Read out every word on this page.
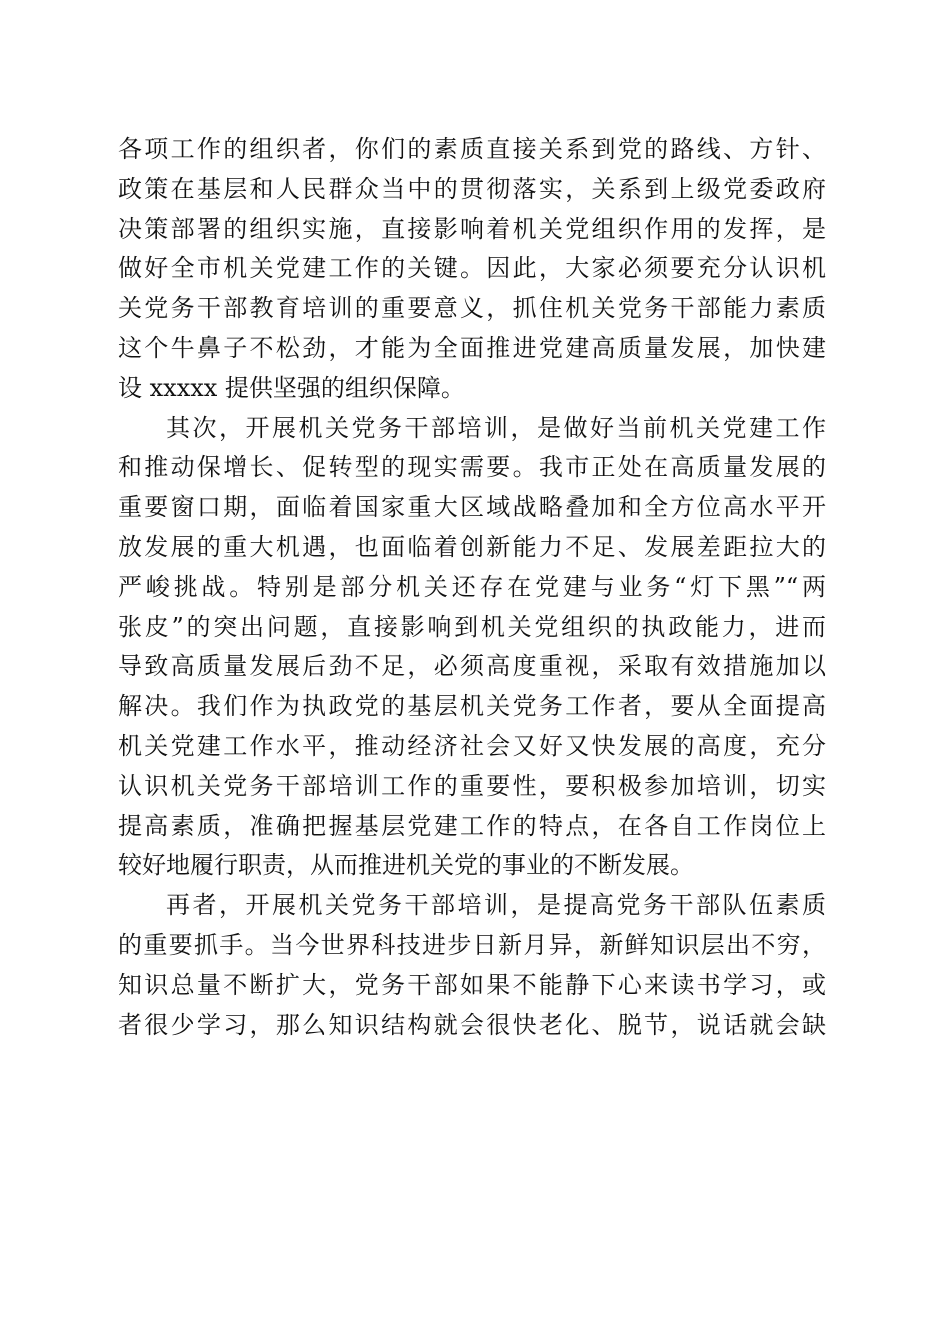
各项工作的组织者，你们的素质直接关系到党的路线、方针、
政策在基层和人民群众当中的贯彻落实，关系到上级党委政府
决策部署的组织实施，直接影响着机关党组织作用的发挥，是
做好全市机关党建工作的关键。因此，大家必须要充分认识机
关党务干部教育培训的重要意义，抓住机关党务干部能力素质
这个牛鼻子不松劲，才能为全面推进党建高质量发展，加快建
设 xxxxx 提供坚强的组织保障。
其次，开展机关党务干部培训，是做好当前机关党建工作
和推动保增长、促转型的现实需要。我市正处在高质量发展的
重要窗口期，面临着国家重大区域战略叠加和全方位高水平开
放发展的重大机遇，也面临着创新能力不足、发展差距拉大的
严峻挑战。特别是部分机关还存在党建与业务“灯下黑”“两
张皮”的突出问题，直接影响到机关党组织的执政能力，进而
导致高质量发展后劲不足，必须高度重视，采取有效措施加以
解决。我们作为执政党的基层机关党务工作者，要从全面提高
机关党建工作水平，推动经济社会又好又快发展的高度，充分
认识机关党务干部培训工作的重要性，要积极参加培训，切实
提高素质，准确把握基层党建工作的特点，在各自工作岗位上
较好地履行职责，从而推进机关党的事业的不断发展。
再者，开展机关党务干部培训，是提高党务干部队伍素质
的重要抓手。当今世界科技进步日新月异，新鲜知识层出不穷，
知识总量不断扩大，党务干部如果不能静下心来读书学习，或
者很少学习，那么知识结构就会很快老化、脱节，说话就会缺
